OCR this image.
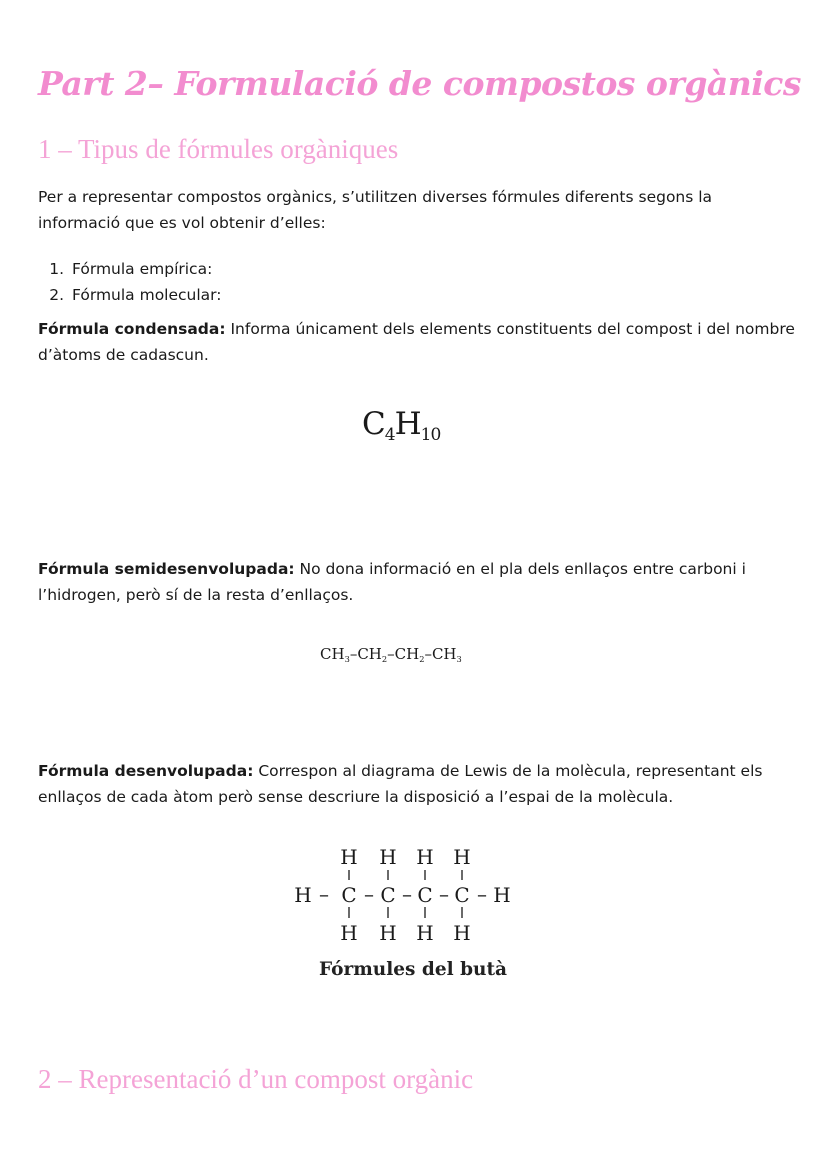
Part 2– Formulació de compostos orgànics
1 – Tipus de fórmules orgàniques

Per a representar compostos orgànics, s’utilitzen diverses fórmules diferents segons la informació que es vol obtenir d’elles:

1. Fórmula empírica:
2. Fórmula molecular:

Fórmula condensada: Informa únicament dels elements constituents del compost i del nombre d’àtoms de cadascun.

$C_4H_{10}$

Fórmula semidesenvolupada: No dona informació en el pla dels enllaços entre carboni i l’hidrogen, però sí de la resta d’enllaços.

$CH_3-CH_2-CH_2-CH_3$

Fórmula desenvolupada: Correspon al diagrama de Lewis de la molècula, representant els enllaços de cada àtom però sense descriure la disposició a l’espai de la molècula.

H H H H
H – C – C – C – C – H
H H H H

Fórmules del butà

2 – Representació d’un compost orgànic
